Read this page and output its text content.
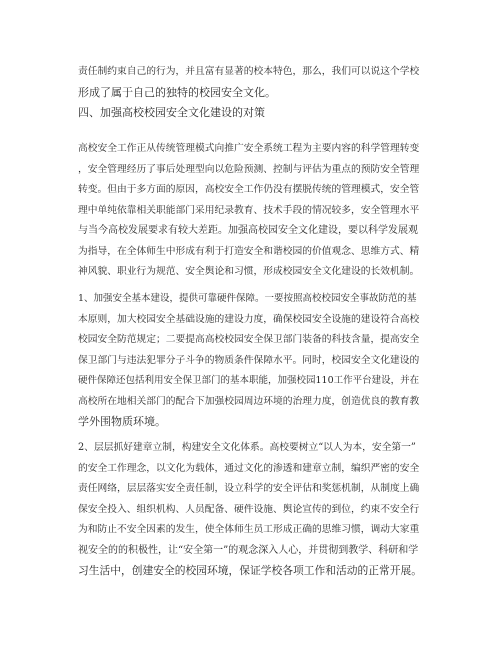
责任制约束自己的行为，并且富有显著的校本特色，那么，我们可以说这个学校
形成了属于自己的独特的校园安全文化。
四、加强高校校园安全文化建设的对策

高校安全工作正从传统管理模式向推广安全系统工程为主要内容的科学管理转变
，安全管理经历了事后处理型向以危险预测、控制与评估为重点的预防安全管理
转变。但由于多方面的原因，高校安全工作仍没有摆脱传统的管理模式，安全管
理中单纯依靠相关职能部门采用纪录教育、技术手段的情况较多，安全管理水平
与当今高校发展要求有较大差距。加强高校园安全文化建设，要以科学发展观
为指导，在全体师生中形成有利于打造安全和谐校园的价值观念、思维方式、精
神风貌、职业行为规范、安全舆论和习惯，形成校园安全文化建设的长效机制。

1、加强安全基本建设，提供可靠硬件保障。一要按照高校校园安全事故防范的基
本原则，加大校园安全基础设施的建设力度，确保校园安全设施的建设符合高校
校园安全防范规定；二要提高高校校园安全保卫部门装备的科技含量，提高安全
保卫部门与违法犯罪分子斗争的物质条件保障水平。同时，校园安全文化建设的
硬件保障还包括利用安全保卫部门的基本职能，加强校园110工作平台建设，并在
高校所在地相关部门的配合下加强校园周边环境的治理力度，创造优良的教育教
学外围物质环境。

2、层层抓好建章立制，构建安全文化体系。高校要树立“以人为本，安全第一”
的安全工作理念，以文化为载体，通过文化的渗透和建章立制，编织严密的安全
责任网络，层层落实安全责任制，设立科学的安全评估和奖惩机制，从制度上确
保安全投入、组织机构、人员配备、硬件设施、舆论宣传的到位，约束不安全行
为和防止不安全因素的发生，使全体师生员工形成正确的思维习惯，调动大家重
视安全的的积极性，让“安全第一”的观念深入人心，并贯彻到教学、科研和学
习生活中，创建安全的校园环境，保证学校各项工作和活动的正常开展。
